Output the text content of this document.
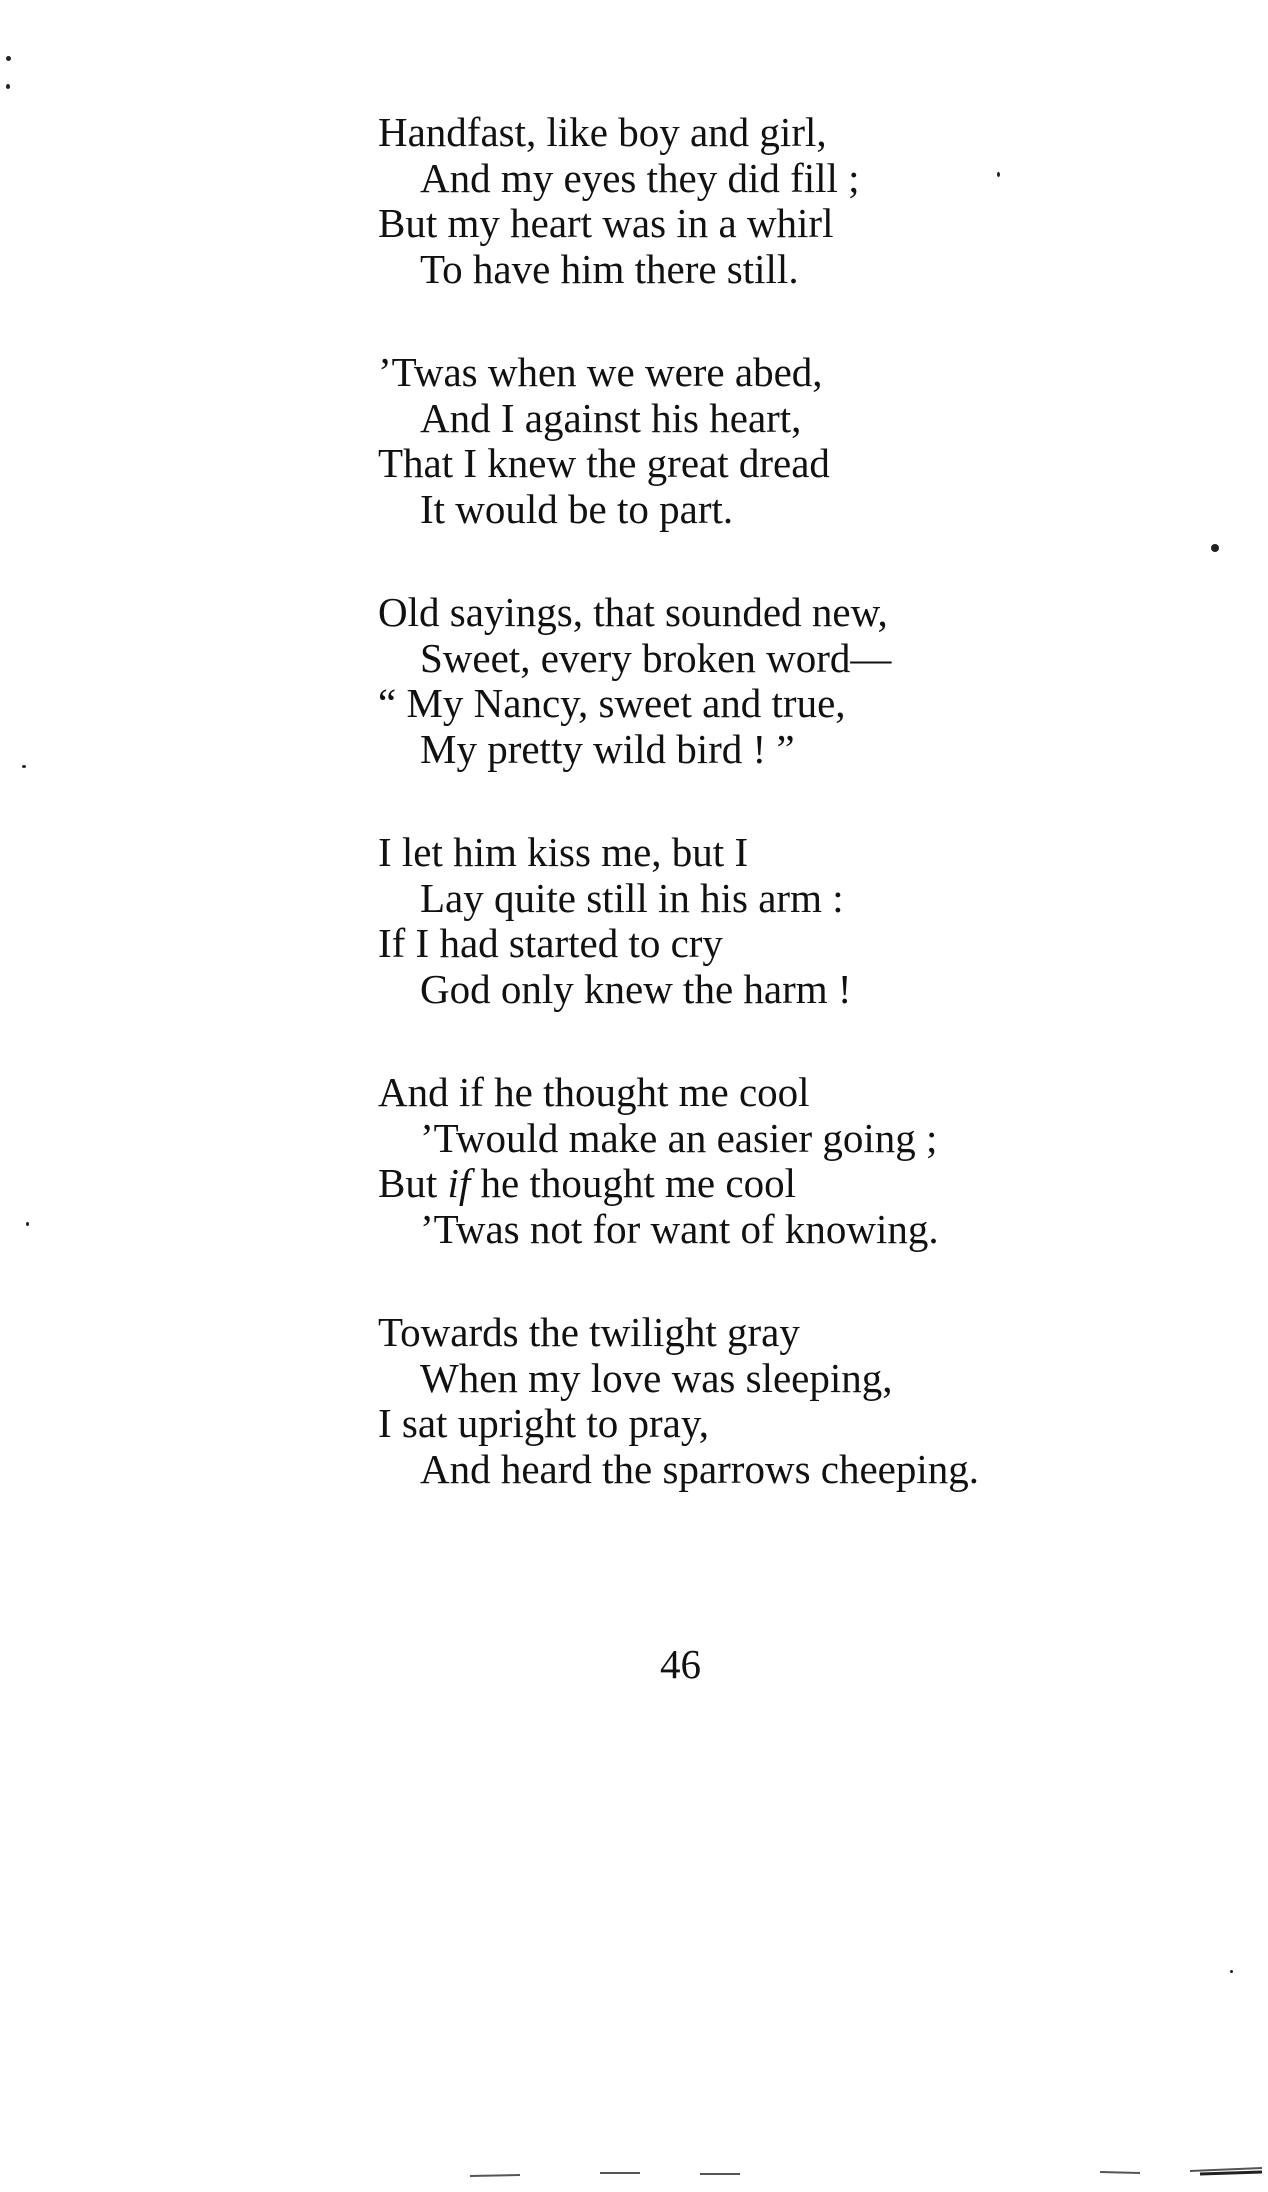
Handfast, like boy and girl,
And my eyes they did fill ;
But my heart was in a whirl
To have him there still.
’Twas when we were abed,
And I against his heart,
That I knew the great dread
It would be to part.
Old sayings, that sounded new,
Sweet, every broken word—
“ My Nancy, sweet and true,
My pretty wild bird ! ”
I let him kiss me, but I
Lay quite still in his arm :
If I had started to cry
God only knew the harm !
And if he thought me cool
’Twould make an easier going ;
But if he thought me cool
’Twas not for want of knowing.
Towards the twilight gray
When my love was sleeping,
I sat upright to pray,
And heard the sparrows cheeping.
46
